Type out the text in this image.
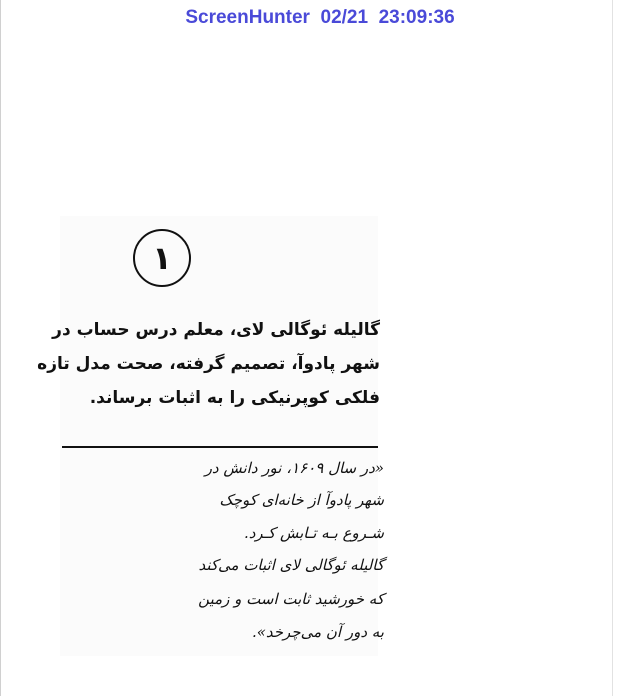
ScreenHunter  02/21  23:09:36
۱
گالیله ئوگالی لای، معلم درس حساب در
شهر پادوآ، تصمیم گرفته، صحت مدل تازه
فلکی کوپرنیکی را به اثبات برساند.
«در سال ۱۶۰۹، نور دانش در
شهر پادوآ از خانه‌ای کوچک
شـروع بـه تـابش کـرد.
گالیله ئوگالی لای اثبات می‌کند
که خورشید ثابت است و زمین
به دور آن می‌چرخد».
